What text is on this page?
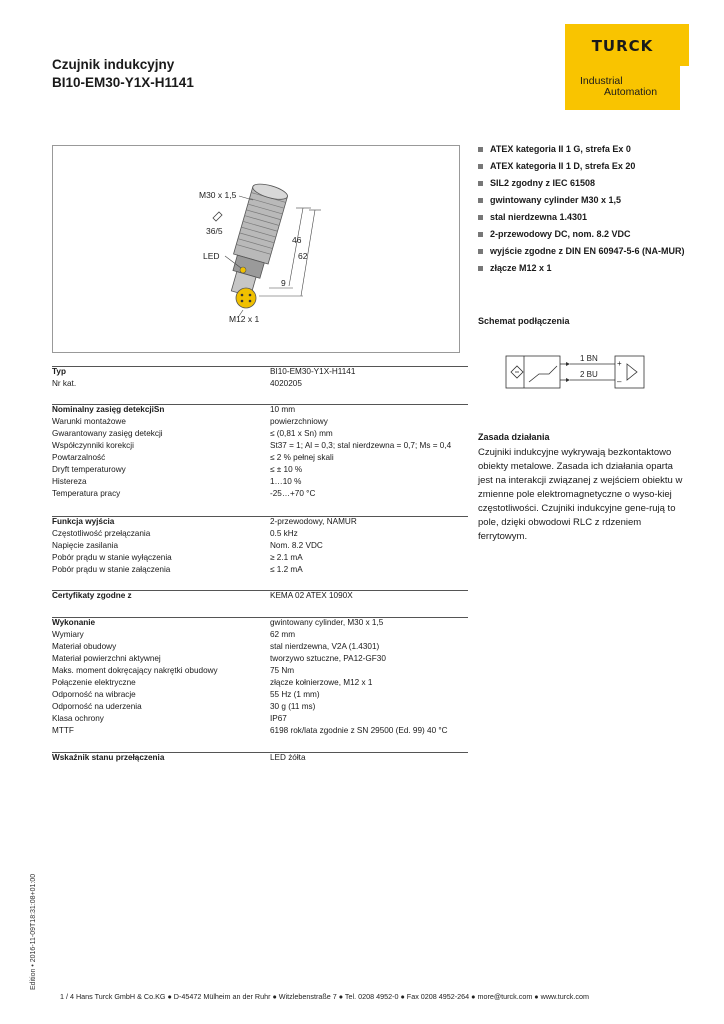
Czujnik indukcyjny
BI10-EM30-Y1X-H1141
TURCK
Industrial
Automation
M30 x 1,5
36/5
LED
M12 x 1
46
62
9
ATEX kategoria II 1 G, strefa Ex 0
ATEX kategoria II 1 D, strefa Ex 20
SIL2 zgodny z IEC 61508
gwintowany cylinder M30 x 1,5
stal nierdzewna 1.4301
2-przewodowy DC, nom. 8.2 VDC
wyjście zgodne z DIN EN 60947-5-6 (NA-MUR)
złącze M12 x 1
Schemat podłączenia
1 BN
2 BU
+
–
Zasada działania
Czujniki indukcyjne wykrywają bezkontaktowo obiekty metalowe. Zasada ich działania oparta jest na interakcji związanej z wejściem obiektu w zmienne pole elektromagnetyczne o wyso-kiej częstotliwości. Czujniki indukcyjne gene-rują to pole, dzięki obwodowi RLC z rdzeniem ferrytowym.
Typ	BI10-EM30-Y1X-H1141
Nr kat.	4020205
Nominalny zasięg detekcjiSn	10 mm
Warunki montażowe	powierzchniowy
Gwarantowany zasięg detekcji	≤ (0,81 x Sn) mm
Współczynniki korekcji	St37 = 1; Al = 0,3; stal nierdzewna = 0,7; Ms = 0,4
Powtarzalność	≤ 2 % pełnej skali
Dryft temperaturowy	≤ ± 10 %
Histereza	1…10 %
Temperatura pracy	-25…+70 °C
Funkcja wyjścia	2-przewodowy, NAMUR
Częstotliwość przełączania	0.5 kHz
Napięcie zasilania	Nom. 8.2 VDC
Pobór prądu w stanie wyłączenia	≥ 2.1 mA
Pobór prądu w stanie załączenia	≤ 1.2 mA
Certyfikaty zgodne z	KEMA 02 ATEX 1090X
Wykonanie	gwintowany cylinder, M30 x 1,5
Wymiary	62 mm
Materiał obudowy	stal nierdzewna, V2A (1.4301)
Materiał powierzchni aktywnej	tworzywo sztuczne, PA12-GF30
Maks. moment dokręcający nakrętki obudowy	75 Nm
Połączenie elektryczne	złącze kołnierzowe, M12 x 1
Odporność na wibracje	55 Hz (1 mm)
Odporność na uderzenia	30 g (11 ms)
Klasa ochrony	IP67
MTTF	6198 rok/lata zgodnie z SN 29500 (Ed. 99) 40 °C
Wskaźnik stanu przełączenia	LED żółta
Edition • 2016-11-09T18:31:08+01:00
1 / 4 Hans Turck GmbH & Co.KG ● D-45472 Mülheim an der Ruhr ● Witzlebenstraße 7 ● Tel. 0208 4952-0 ● Fax 0208 4952-264 ● more@turck.com ● www.turck.com
